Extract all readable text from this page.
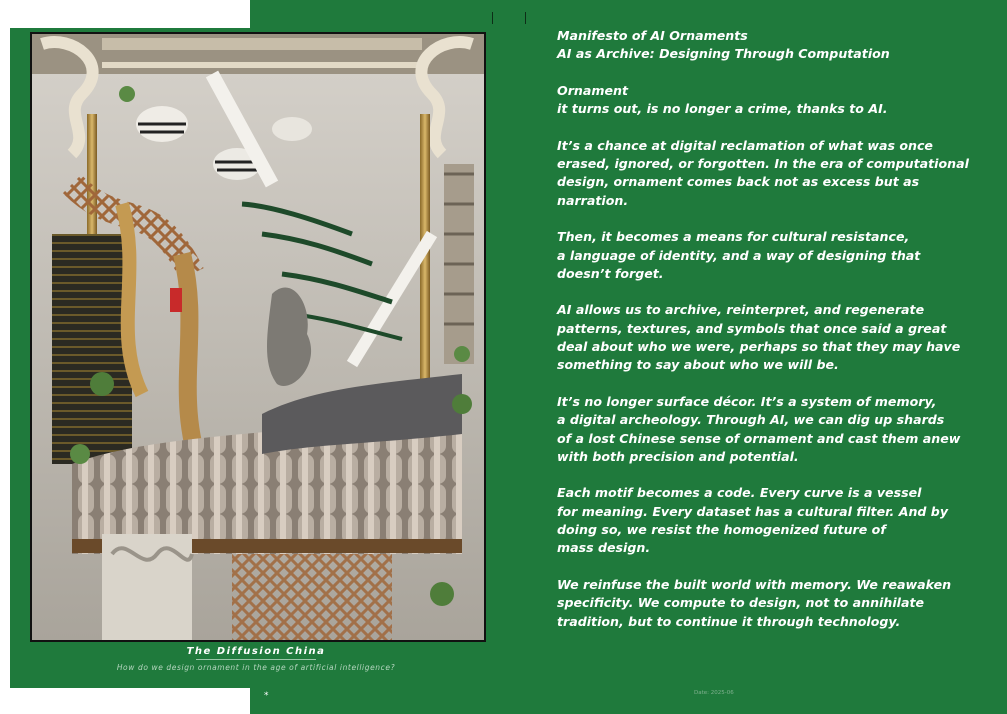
The Diffusion China
How do we design ornament in the age of artificial intelligence?
*	Date: 2025-06

Manifesto of AI Ornaments
AI as Archive: Designing Through Computation

Ornament
it turns out, is no longer a crime, thanks to AI.

It’s a chance at digital reclamation of what was once
erased, ignored, or forgotten. In the era of computational
design, ornament comes back not as excess but as
narration.

Then, it becomes a means for cultural resistance,
a language of identity, and a way of designing that
doesn’t forget.

AI allows us to archive, reinterpret, and regenerate
patterns, textures, and symbols that once said a great
deal about who we were, perhaps so that they may have
something to say about who we will be.

It’s no longer surface décor. It’s a system of memory,
a digital archeology. Through AI, we can dig up shards
of a lost Chinese sense of ornament and cast them anew
with both precision and potential.

Each motif becomes a code. Every curve is a vessel
for meaning. Every dataset has a cultural filter. And by
doing so, we resist the homogenized future of
mass design.

We reinfuse the built world with memory. We reawaken
specificity. We compute to design, not to annihilate
tradition, but to continue it through technology.
